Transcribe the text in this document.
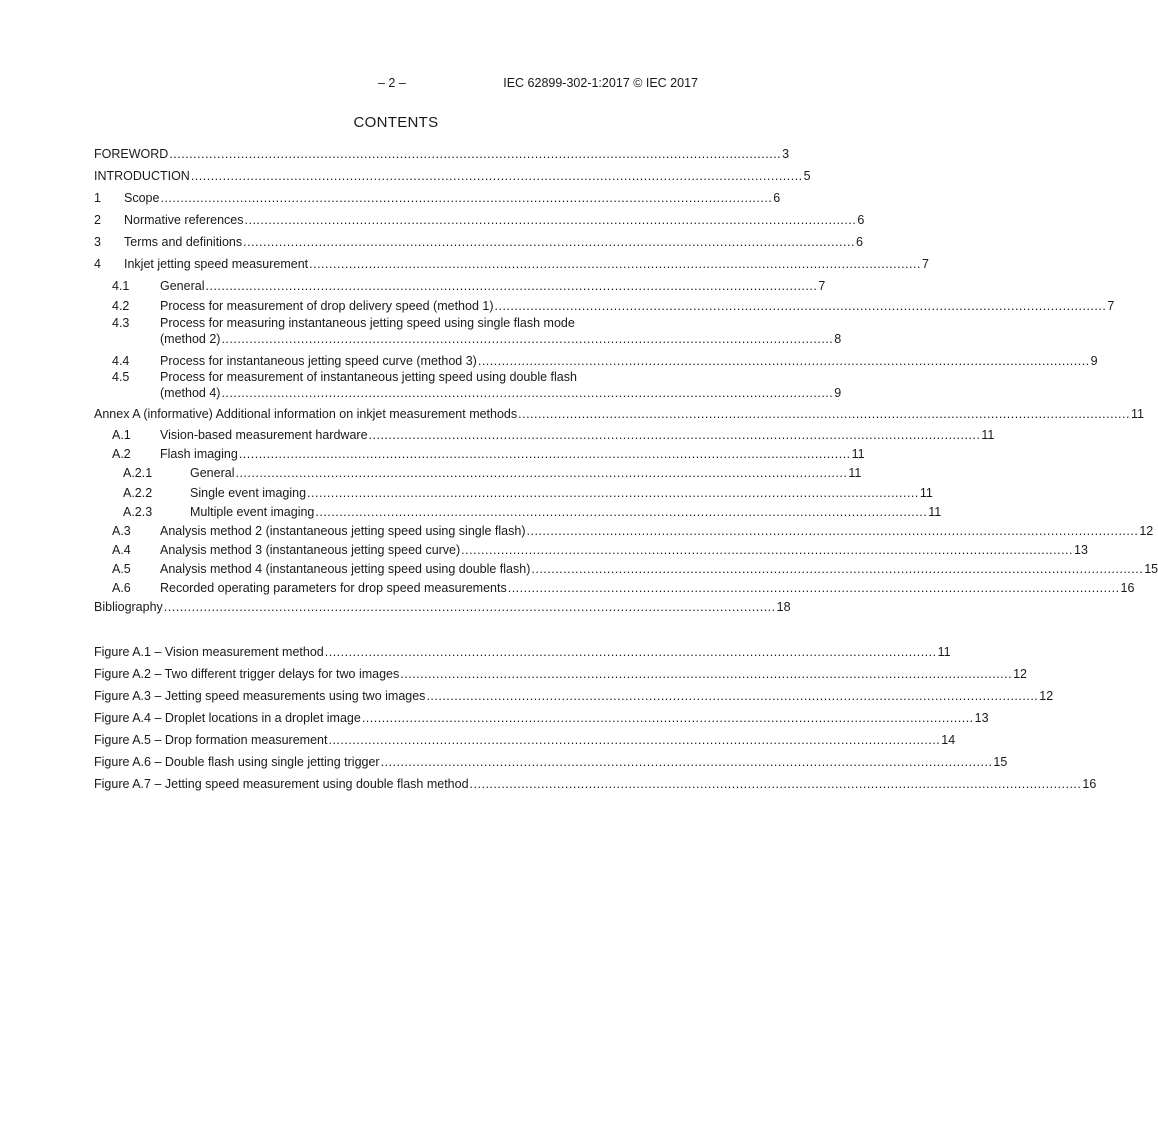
– 2 –	IEC 62899-302-1:2017 © IEC 2017
CONTENTS
FOREWORD .......................................................................................................................................................... 3
INTRODUCTION .......................................................................................................................................................... 5
1	Scope .......................................................................................................................................................... 6
2	Normative references .......................................................................................................................................................... 6
3	Terms and definitions .......................................................................................................................................................... 6
4	Inkjet jetting speed measurement .......................................................................................................................................................... 7
4.1	General .......................................................................................................................................................... 7
4.2	Process for measurement of drop delivery speed (method 1) .......................................................................................................................................................... 7
4.3	Process for measuring instantaneous jetting speed using single flash mode
(method 2) .......................................................................................................................................................... 8
4.4	Process for instantaneous jetting speed curve (method 3) .......................................................................................................................................................... 9
4.5	Process for measurement of instantaneous jetting speed using double flash
(method 4) .......................................................................................................................................................... 9
Annex A (informative) Additional information on inkjet measurement methods .......................................................................................................................................................... 11
A.1	Vision-based measurement hardware .......................................................................................................................................................... 11
A.2	Flash imaging .......................................................................................................................................................... 11
A.2.1	General .......................................................................................................................................................... 11
A.2.2	Single event imaging .......................................................................................................................................................... 11
A.2.3	Multiple event imaging .......................................................................................................................................................... 11
A.3	Analysis method 2 (instantaneous jetting speed using single flash) .......................................................................................................................................................... 12
A.4	Analysis method 3 (instantaneous jetting speed curve) .......................................................................................................................................................... 13
A.5	Analysis method 4 (instantaneous jetting speed using double flash) .......................................................................................................................................................... 15
A.6	Recorded operating parameters for drop speed measurements .......................................................................................................................................................... 16
Bibliography .......................................................................................................................................................... 18
Figure A.1 – Vision measurement method .......................................................................................................................................................... 11
Figure A.2 – Two different trigger delays for two images .......................................................................................................................................................... 12
Figure A.3 – Jetting speed measurements using two images .......................................................................................................................................................... 12
Figure A.4 – Droplet locations in a droplet image .......................................................................................................................................................... 13
Figure A.5 – Drop formation measurement .......................................................................................................................................................... 14
Figure A.6 – Double flash using single jetting trigger .......................................................................................................................................................... 15
Figure A.7 – Jetting speed measurement using double flash method .......................................................................................................................................................... 16
